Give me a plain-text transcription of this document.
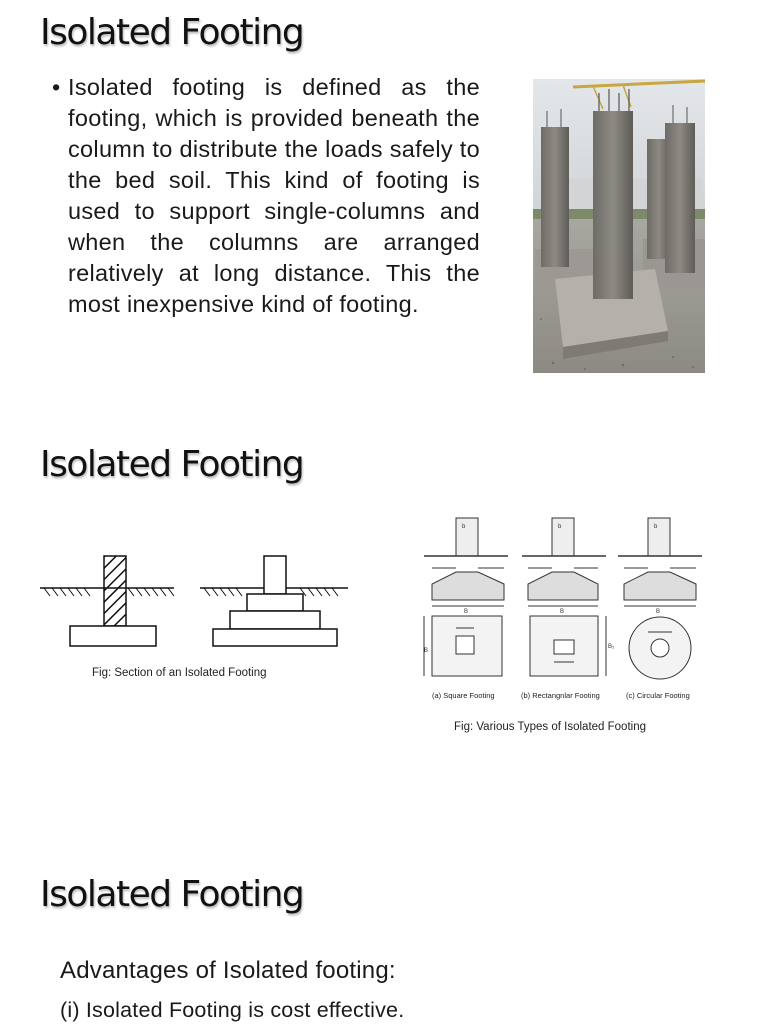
Isolated Footing
• Isolated footing is defined as the footing, which is provided beneath the column to distribute the loads safely to the bed soil. This kind of footing is used to support single-columns and when the columns are arranged relatively at long distance. This the most inexpensive kind of footing.
Isolated Footing
Fig: Section of an Isolated Footing
b	b	b
B	B	B
B
B₂
(a) Square Footing	(b) Rectangnlar Footing	(c) Circular Footing
Fig: Various Types of Isolated Footing
Isolated Footing
Advantages of Isolated footing:
(i) Isolated Footing is cost effective.
